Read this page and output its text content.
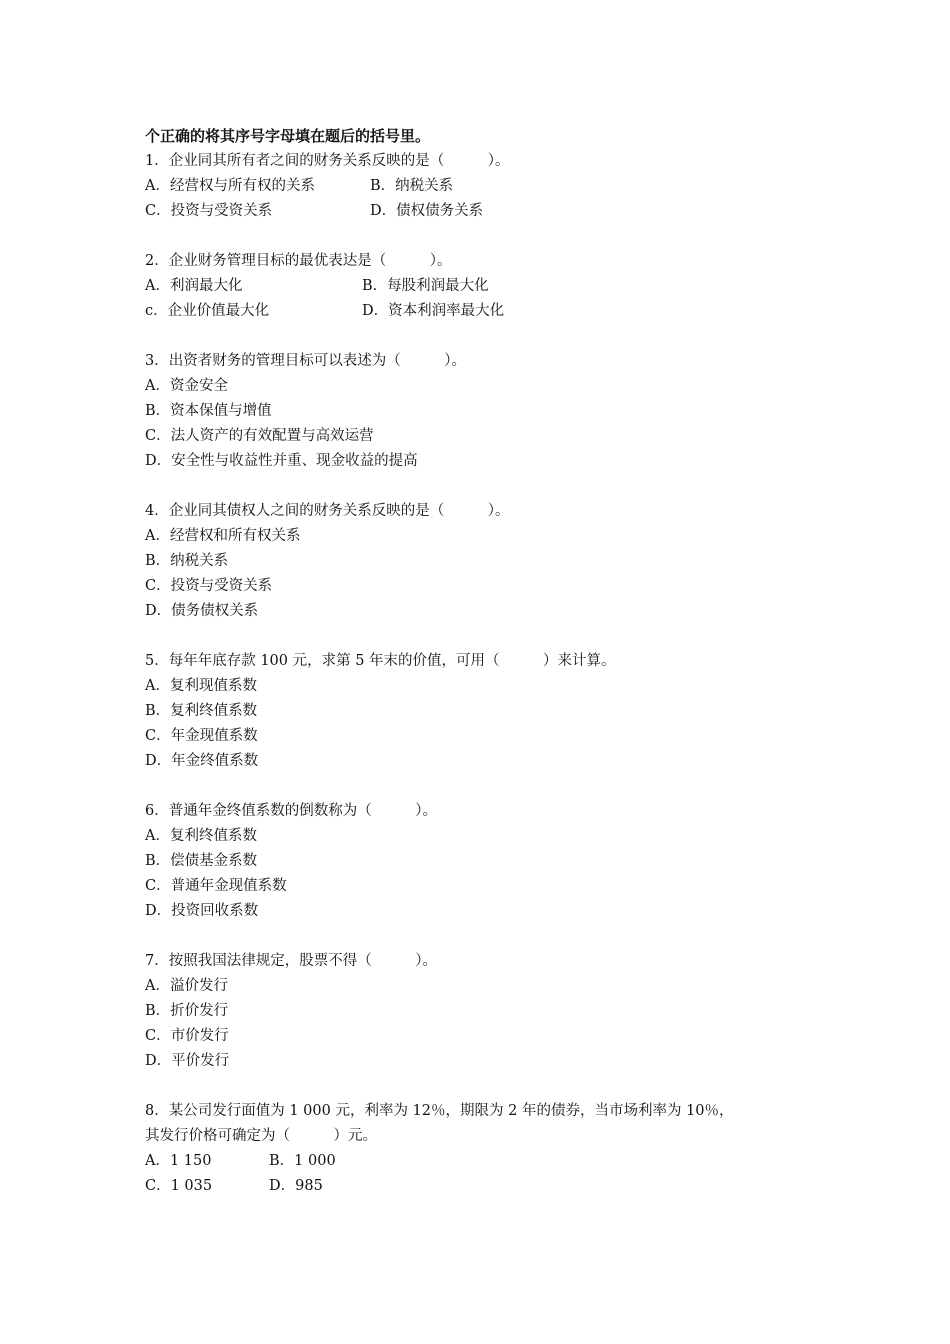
个正确的将其序号字母填在题后的括号里。
1．企业同其所有者之间的财务关系反映的是（　　　）。
A．经营权与所有权的关系	B．纳税关系
C．投资与受资关系	D．债权债务关系
2．企业财务管理目标的最优表达是（　　　）。
A．利润最大化	B．每股利润最大化
c．企业价值最大化	D．资本利润率最大化
3．出资者财务的管理目标可以表述为（　　　）。
A．资金安全
B．资本保值与增值
C．法人资产的有效配置与高效运营
D．安全性与收益性并重、现金收益的提高
4．企业同其债权人之间的财务关系反映的是（　　　）。
A．经营权和所有权关系
B．纳税关系
C．投资与受资关系
D．债务债权关系
5．每年年底存款 100 元，求第 5 年末的价值，可用（　　　）来计算。
A．复利现值系数
B．复利终值系数
C．年金现值系数
D．年金终值系数
6．普通年金终值系数的倒数称为（　　　）。
A．复利终值系数
B．偿债基金系数
C．普通年金现值系数
D．投资回收系数
7．按照我国法律规定，股票不得（　　　）。
A．溢价发行
B．折价发行
C．市价发行
D．平价发行
8．某公司发行面值为 1 000 元，利率为 12％，期限为 2 年的债券，当市场利率为 10％，
其发行价格可确定为（　　　）元。
A．1 150	B．1 000
C．1 035	D．985
